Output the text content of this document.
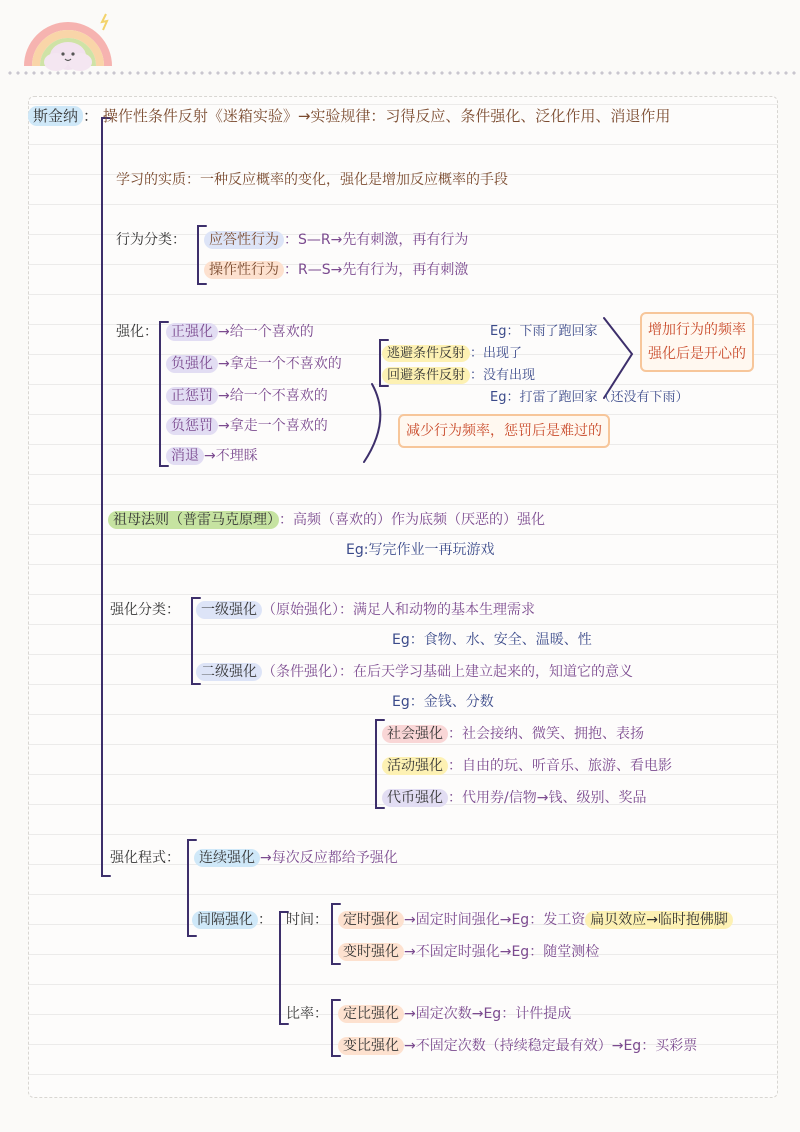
斯金纳 ： 操作性条件反射《迷箱实验》→实验规律：习得反应、条件强化、泛化作用、消退作用
学习的实质：一种反应概率的变化，强化是增加反应概率的手段
行为分类：	应答性行为 ：S—R→先有刺激，再有行为
操作性行为 ：R—S→先有行为，再有刺激
强化： 正强化 →给一个喜欢的
负强化 →拿走一个不喜欢的
正惩罚 →给一个不喜欢的
负惩罚 →拿走一个喜欢的
消退 →不理睬
Eg：下雨了跑回家
逃避条件反射 ：出现了
回避条件反射 ：没有出现
Eg：打雷了跑回家（还没有下雨）
增加行为的频率
强化后是开心的
减少行为频率，惩罚后是难过的
祖母法则（普雷马克原理） ：高频（喜欢的）作为底频（厌恶的）强化
Eg:写完作业一再玩游戏
强化分类：	一级强化 （原始强化）：满足人和动物的基本生理需求
Eg：食物、水、安全、温暖、性
二级强化 （条件强化）：在后天学习基础上建立起来的，知道它的意义
Eg：金钱、分数
社会强化 ：社会接纳、微笑、拥抱、表扬
活动强化 ：自由的玩、听音乐、旅游、看电影
代币强化 ：代用券/信物→钱、级别、奖品
强化程式：	连续强化 →每次反应都给予强化
间隔强化 ： 时间：	定时强化 →固定时间强化→Eg：发工资 扁贝效应→临时抱佛脚
变时强化 →不固定时强化→Eg：随堂测检
比率：	定比强化 →固定次数→Eg：计件提成
变比强化 →不固定次数（持续稳定最有效）→Eg：买彩票
